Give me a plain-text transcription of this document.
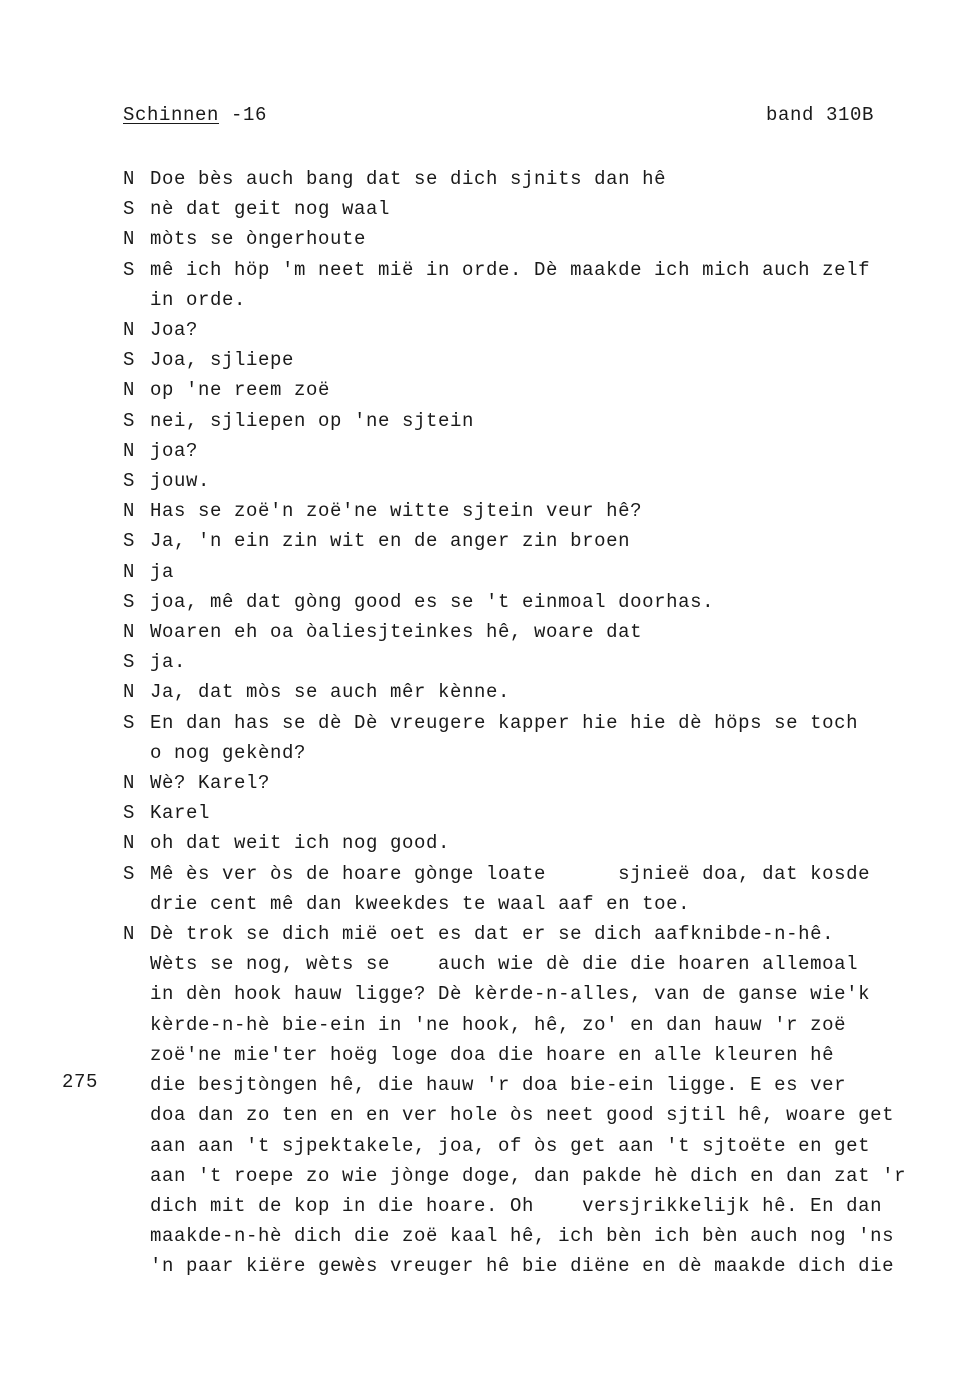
Schinnen -16	band 310B
275
N Doe bès auch bang dat se dich sjnits dan hê
S nè dat geit nog waal
N mòts se òngerhoute
S mê ich höp 'm neet mië in orde. Dè maakde ich mich auch zelf
in orde.
N Joa?
S Joa, sjliepe
N op 'ne reem zoë
S nei, sjliepen op 'ne sjtein
N joa?
S jouw.
N Has se zoë'n zoë'ne witte sjtein veur hê?
S Ja, 'n ein zin wit en de anger zin broen
N ja
S joa, mê dat gòng good es se 't einmoal doorhas.
N Woaren eh oa òaliesjteinkes hê, woare dat
S ja.
N Ja, dat mòs se auch mêr kènne.
S En dan has se dè Dè vreugere kapper hie hie dè höps se toch
o nog gekènd?
N Wè? Karel?
S Karel
N oh dat weit ich nog good.
S Mê ès ver òs de hoare gònge loate      sjnieë doa, dat kosde
drie cent mê dan kweekdes te waal aaf en toe.
N Dè trok se dich mië oet es dat er se dich aafknibde-n-hê.
Wèts se nog, wèts se    auch wie dè die die hoaren allemoal
in dèn hook hauw ligge? Dè kèrde-n-alles, van de ganse wie'k
kèrde-n-hè bie-ein in 'ne hook, hê, zo' en dan hauw 'r zoë
zoë'ne mie'ter hoëg loge doa die hoare en alle kleuren hê
die besjtòngen hê, die hauw 'r doa bie-ein ligge. E es ver
doa dan zo ten en en ver hole òs neet good sjtil hê, woare get
aan aan 't sjpektakele, joa, of òs get aan 't sjtoëte en get
aan 't roepe zo wie jònge doge, dan pakde hè dich en dan zat 'r
dich mit de kop in die hoare. Oh    versjrikkelijk hê. En dan
maakde-n-hè dich die zoë kaal hê, ich bèn ich bèn auch nog 'ns
'n paar kiëre gewès vreuger hê bie diëne en dè maakde dich die
